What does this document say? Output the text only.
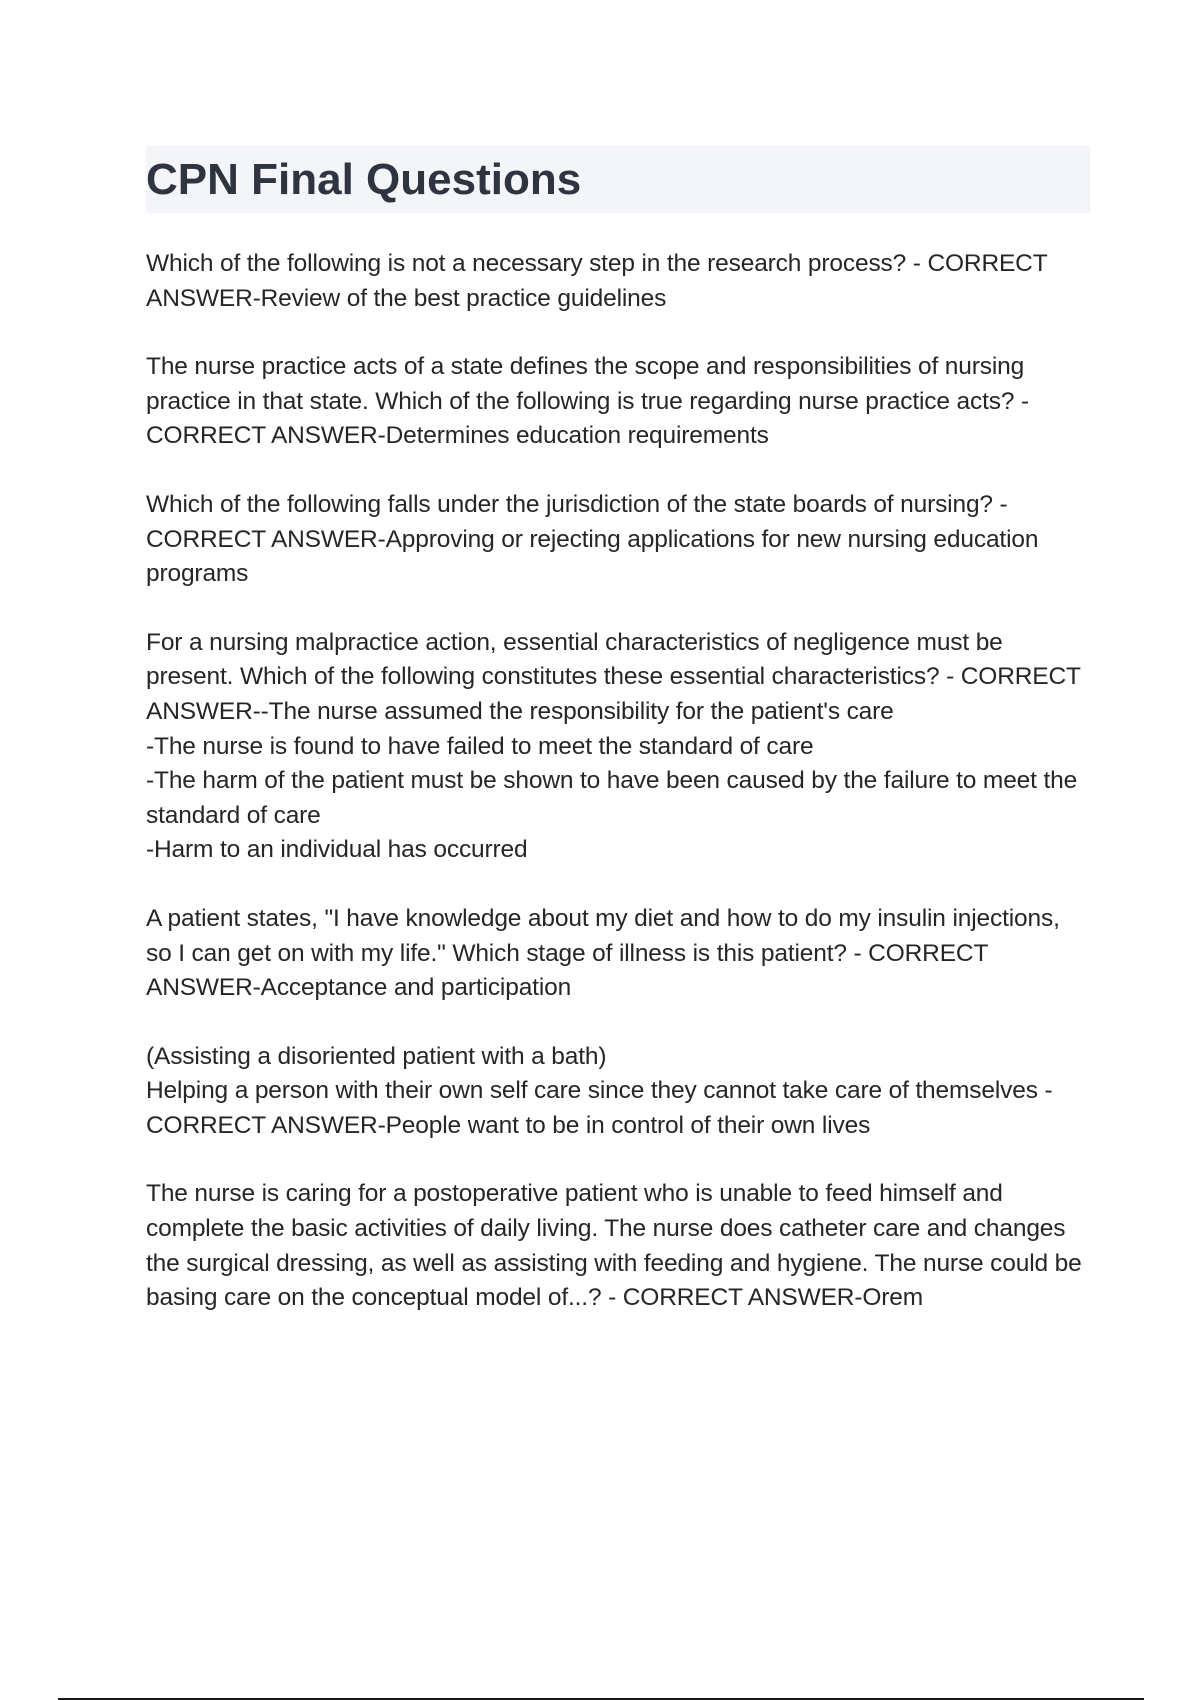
CPN Final Questions

Which of the following is not a necessary step in the research process? - CORRECT ANSWER-Review of the best practice guidelines

The nurse practice acts of a state defines the scope and responsibilities of nursing practice in that state. Which of the following is true regarding nurse practice acts? - CORRECT ANSWER-Determines education requirements

Which of the following falls under the jurisdiction of the state boards of nursing? - CORRECT ANSWER-Approving or rejecting applications for new nursing education programs

For a nursing malpractice action, essential characteristics of negligence must be present. Which of the following constitutes these essential characteristics? - CORRECT ANSWER--The nurse assumed the responsibility for the patient's care
-The nurse is found to have failed to meet the standard of care
-The harm of the patient must be shown to have been caused by the failure to meet the standard of care
-Harm to an individual has occurred

A patient states, "I have knowledge about my diet and how to do my insulin injections, so I can get on with my life." Which stage of illness is this patient? - CORRECT ANSWER-Acceptance and participation

(Assisting a disoriented patient with a bath)
Helping a person with their own self care since they cannot take care of themselves - CORRECT ANSWER-People want to be in control of their own lives

The nurse is caring for a postoperative patient who is unable to feed himself and complete the basic activities of daily living. The nurse does catheter care and changes the surgical dressing, as well as assisting with feeding and hygiene. The nurse could be basing care on the conceptual model of...? - CORRECT ANSWER-Orem
